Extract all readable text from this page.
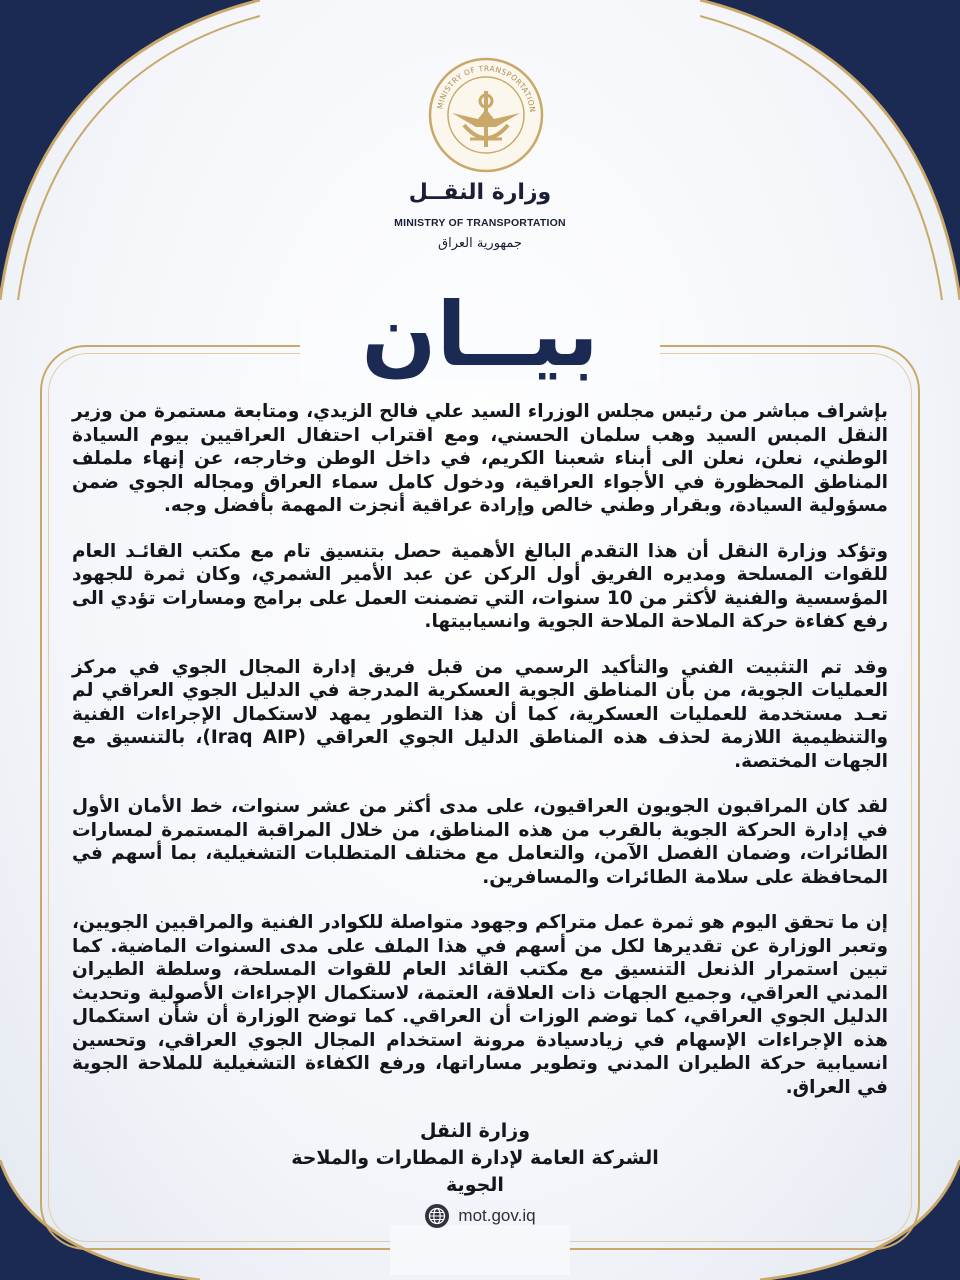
MINISTRY OF TRANSPORTATION
وزارة النقــل
MINISTRY OF TRANSPORTATION
جمهورية العراق
بيــان

بإشراف مباشر من رئيس مجلس الوزراء السيد علي فالح الزيدي، ومتابعة مستمرة من وزير النقل المبس السيد وهب سلمان الحسني، ومع اقتراب احتفال العراقيين بيوم السيادة الوطني، نعلن، نعلن الى أبناء شعبنا الكريم، في داخل الوطن وخارجه، عن إنهاء ململف المناطق المحظورة في الأجواء العراقية، ودخول كامل سماء العراق ومجاله الجوي ضمن مسؤولية السيادة، وبقرار وطني خالص وإرادة عراقية أنجزت المهمة بأفضل وجه.

وتؤكد وزارة النقل أن هذا التقدم البالغ الأهمية حصل بتنسيق تام مع مكتب القائـد العام للقوات المسلحة ومديره الفريق أول الركن عن عبد الأمير الشمري، وكان ثمرة للجهود المؤسسية والفنية لأكثر من 10 سنوات، التي تضمنت العمل على برامج ومسارات تؤدي الى رفع كفاءة حركة الملاحة الملاحة الجوية وانسيابيتها.

وقد تم التثبيت الفني والتأكيد الرسمي من قبل فريق إدارة المجال الجوي في مركز العمليات الجوية، من بأن المناطق الجوية العسكرية المدرجة في الدليل الجوي العراقي لم تعـد مستخدمة للعمليات العسكرية، كما أن هذا التطور يمهد لاستكمال الإجراءات الفنية والتنظيمية اللازمة لحذف هذه المناطق الدليل الجوي العراقي (Iraq AIP)، بالتنسيق مع الجهات المختصة.

لقد كان المراقبون الجويون العراقيون، على مدى أكثر من عشر سنوات، خط الأمان الأول في إدارة الحركة الجوية بالقرب من هذه المناطق، من خلال المراقبة المستمرة لمسارات الطائرات، وضمان الفصل الآمن، والتعامل مع مختلف المتطلبات التشغيلية، بما أسهم في المحافظة على سلامة الطائرات والمسافرين.

إن ما تحقق اليوم هو ثمرة عمل متراكم وجهود متواصلة للكوادر الفنية والمراقبين الجويين، وتعبر الوزارة عن تقديرها لكل من أسهم في هذا الملف على مدى السنوات الماضية. كما تبين استمرار الذنعل التنسيق مع مكتب القائد العام للقوات المسلحة، وسلطة الطيران المدني العراقي، وجميع الجهات ذات العلاقة، العتمة، لاستكمال الإجراءات الأصولية وتحديث الدليل الجوي العراقي، كما توضم الوزات أن العراقي. كما توضح الوزارة أن شأن استكمال هذه الإجراءات الإسهام في زيادسيادة مرونة استخدام المجال الجوي العراقي، وتحسين انسيابية حركة الطيران المدني وتطوير مساراتها، ورفع الكفاءة التشغيلية للملاحة الجوية في العراق.

وزارة النقل
الشركة العامة لإدارة المطارات والملاحة الجوية
mot.gov.iq
